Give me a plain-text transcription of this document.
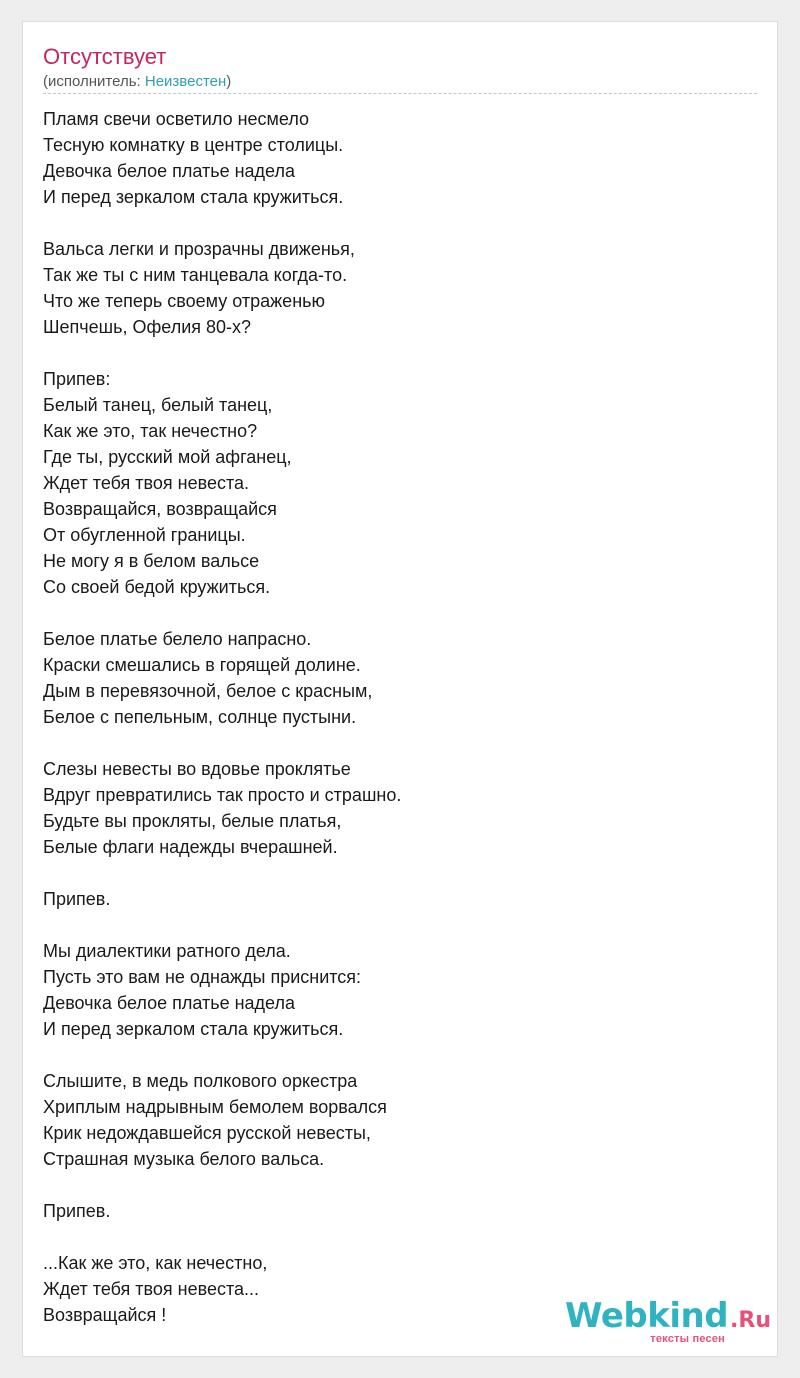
Отсутствует
(исполнитель: Неизвестен)
Пламя свечи осветило несмело
Тесную комнатку в центре столицы.
Девочка белое платье надела
И перед зеркалом стала кружиться.
Вальса легки и прозрачны движенья,
Так же ты с ним танцевала когда-то.
Что же теперь своему отраженью
Шепчешь, Офелия 80-х?
Припев:
Белый танец, белый танец,
Как же это, так нечестно?
Где ты, русский мой афганец,
Ждет тебя твоя невеста.
Возвращайся, возвращайся
От обугленной границы.
Не могу я в белом вальсе
Со своей бедой кружиться.
Белое платье белело напрасно.
Краски смешались в горящей долине.
Дым в перевязочной, белое с красным,
Белое с пепельным, солнце пустыни.
Слезы невесты во вдовье проклятье
Вдруг превратились так просто и страшно.
Будьте вы прокляты, белые платья,
Белые флаги надежды вчерашней.
Припев.
Мы диалектики ратного дела.
Пусть это вам не однажды приснится:
Девочка белое платье надела
И перед зеркалом стала кружиться.
Слышите, в медь полкового оркестра
Хриплым надрывным бемолем ворвался
Крик недождавшейся русской невесты,
Страшная музыка белого вальса.
Припев.
...Как же это, как нечестно,
Ждет тебя твоя невеста...
Возвращайся !	Webkind.Ru
тексты песен
